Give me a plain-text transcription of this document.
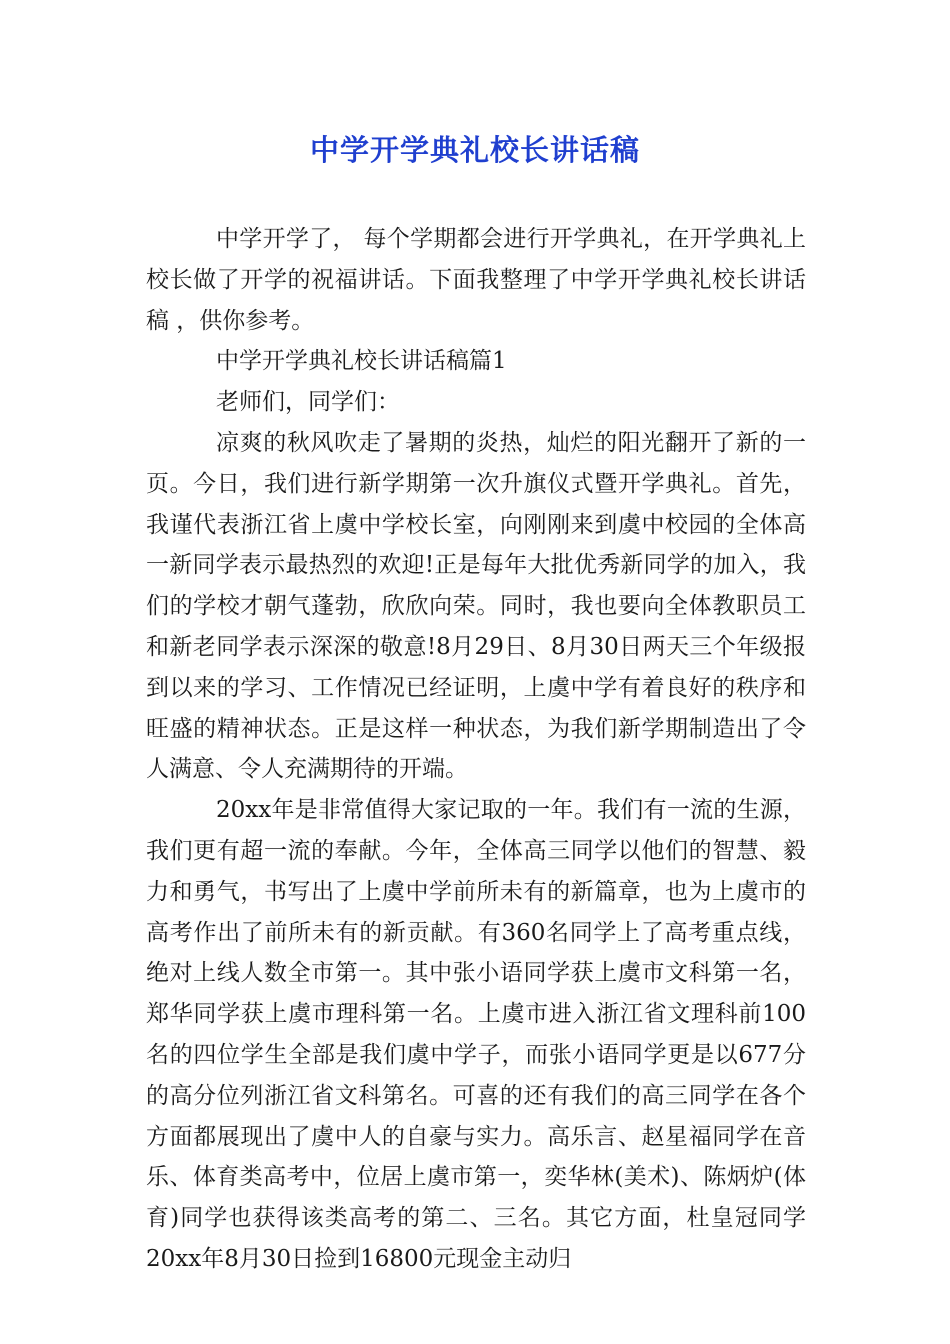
中学开学典礼校长讲话稿

中学开学了， 每个学期都会进行开学典礼，在开学典礼上校长做了开学的祝福讲话。下面我整理了中学开学典礼校长讲话稿 ，供你参考。

中学开学典礼校长讲话稿篇1

老师们，同学们：

凉爽的秋风吹走了暑期的炎热，灿烂的阳光翻开了新的一页。今日，我们进行新学期第一次升旗仪式暨开学典礼。首先，我谨代表浙江省上虞中学校长室，向刚刚来到虞中校园的全体高一新同学表示最热烈的欢迎!正是每年大批优秀新同学的加入，我们的学校才朝气蓬勃，欣欣向荣。同时，我也要向全体教职员工和新老同学表示深深的敬意!8月29日、8月30日两天三个年级报到以来的学习、工作情况已经证明，上虞中学有着良好的秩序和旺盛的精神状态。正是这样一种状态，为我们新学期制造出了令人满意、令人充满期待的开端。

20xx年是非常值得大家记取的一年。我们有一流的生源，我们更有超一流的奉献。今年，全体高三同学以他们的智慧、毅力和勇气，书写出了上虞中学前所未有的新篇章，也为上虞市的高考作出了前所未有的新贡献。有360名同学上了高考重点线，绝对上线人数全市第一。其中张小语同学获上虞市文科第一名，郑华同学获上虞市理科第一名。上虞市进入浙江省文理科前100名的四位学生全部是我们虞中学子，而张小语同学更是以677分的高分位列浙江省文科第名。可喜的还有我们的高三同学在各个方面都展现出了虞中人的自豪与实力。高乐言、赵星福同学在音乐、体育类高考中，位居上虞市第一，奕华林(美术)、陈炳炉(体育)同学也获得该类高考的第二、三名。其它方面，杜皇冠同学20xx年8月30日捡到16800元现金主动归
